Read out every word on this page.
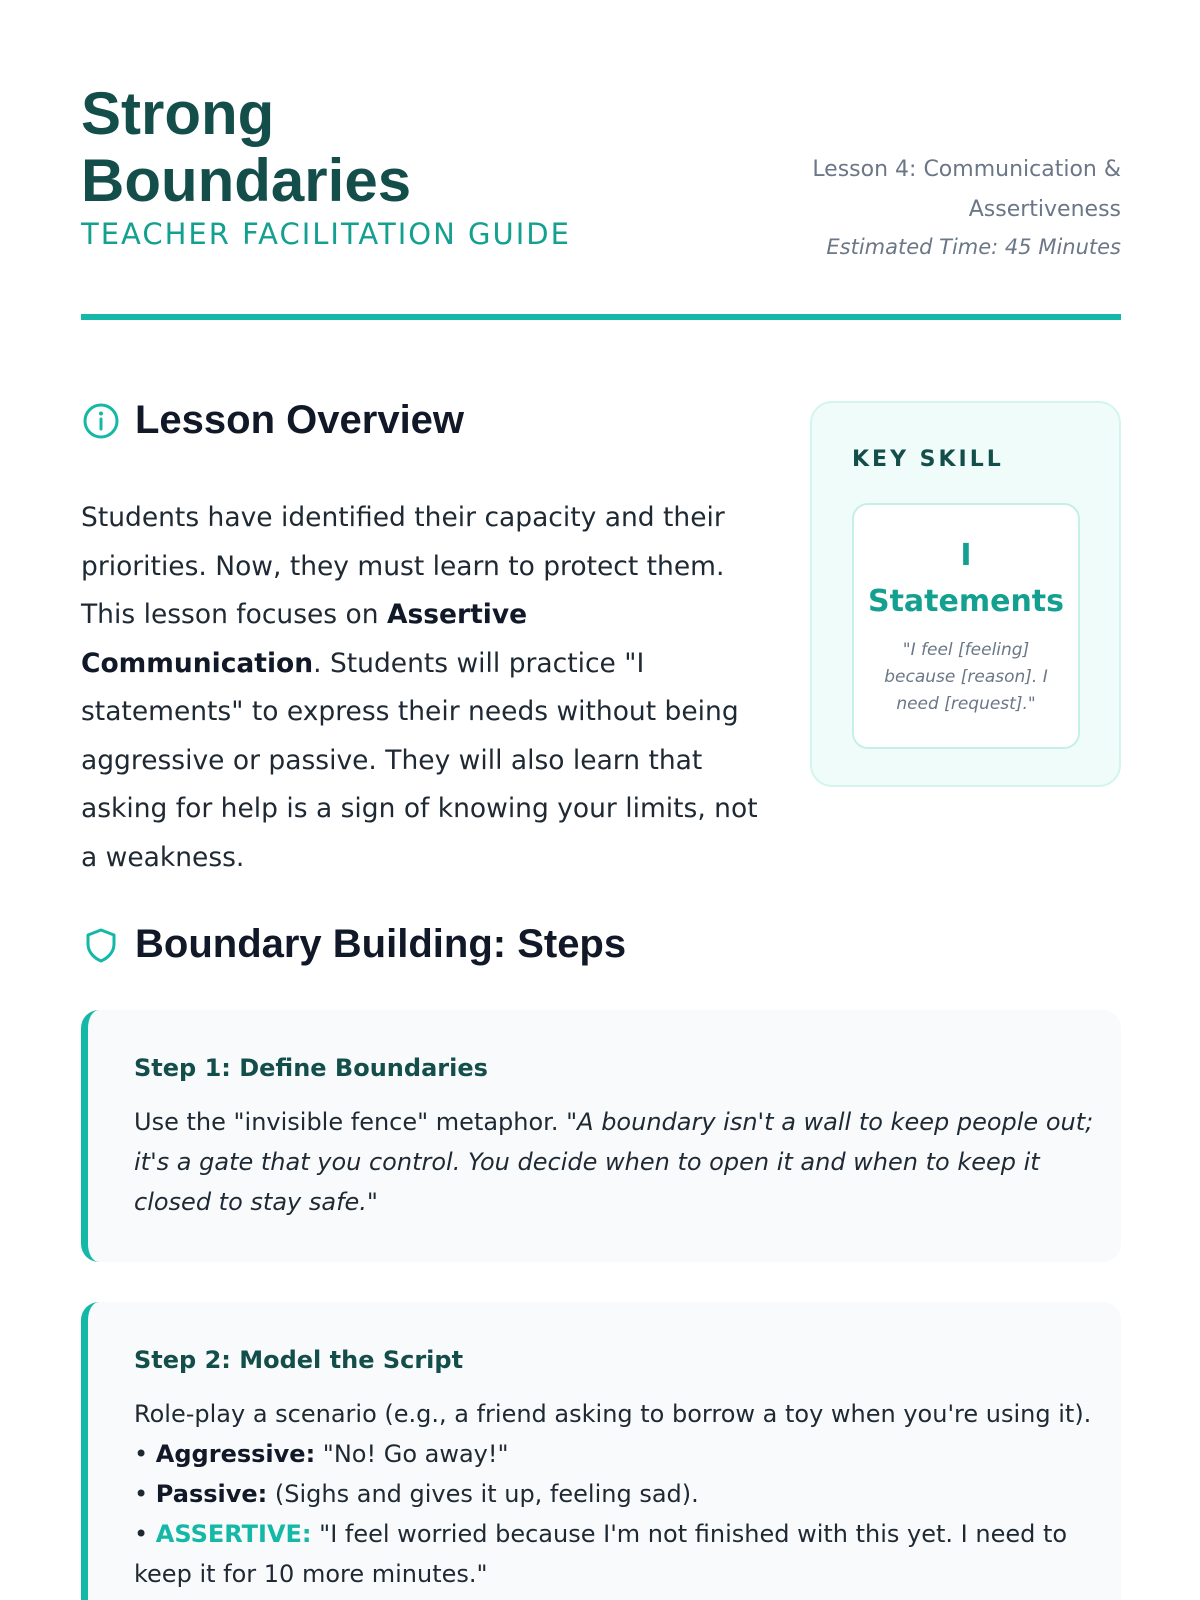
Strong
Boundaries
TEACHER FACILITATION GUIDE
Lesson 4: Communication &
Assertiveness
Estimated Time: 45 Minutes
Lesson Overview
Students have identified their capacity and their priorities. Now, they must learn to protect them. This lesson focuses on Assertive Communication. Students will practice "I statements" to express their needs without being aggressive or passive. They will also learn that asking for help is a sign of knowing your limits, not a weakness.
KEY SKILL
I
Statements
"I feel [feeling] because [reason]. I need [request]."
Boundary Building: Steps
Step 1: Define Boundaries
Use the "invisible fence" metaphor. "A boundary isn't a wall to keep people out; it's a gate that you control. You decide when to open it and when to keep it closed to stay safe."
Step 2: Model the Script
Role-play a scenario (e.g., a friend asking to borrow a toy when you're using it).
• Aggressive: "No! Go away!"
• Passive: (Sighs and gives it up, feeling sad).
• ASSERTIVE: "I feel worried because I'm not finished with this yet. I need to keep it for 10 more minutes."
